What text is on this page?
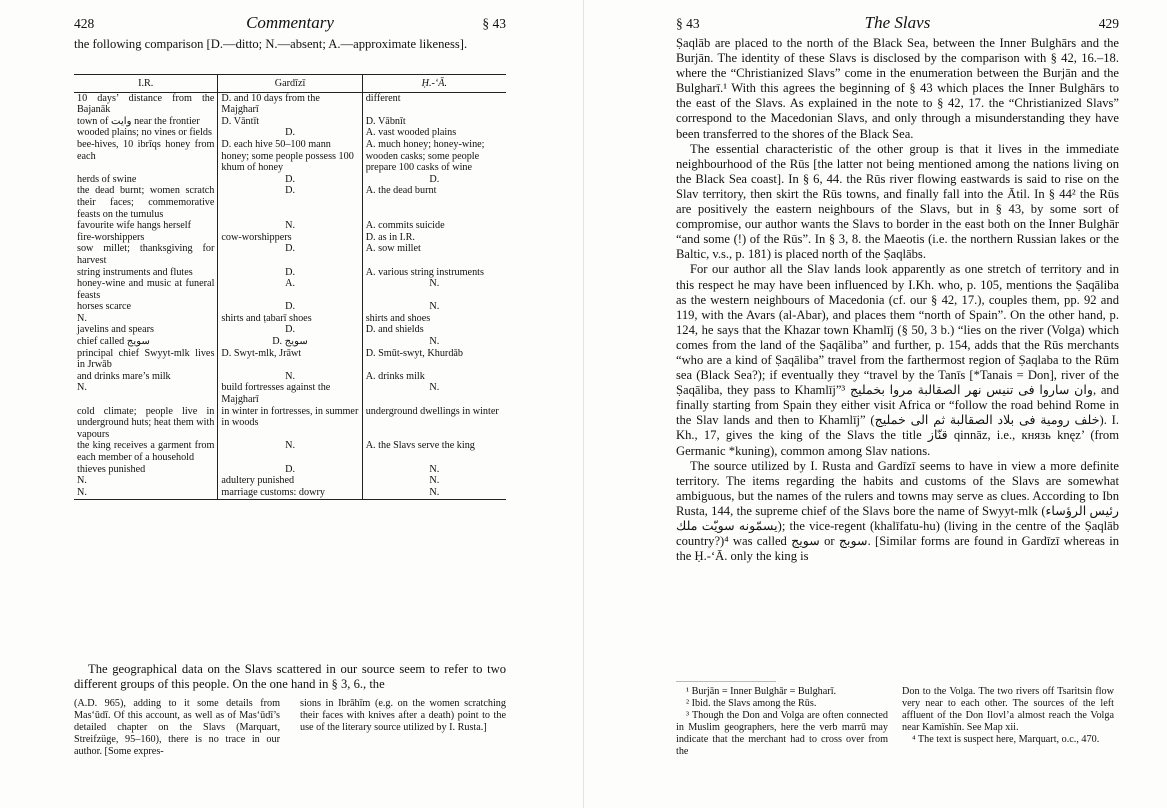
428	Commentary	§ 43
the following comparison [D.—ditto; N.—absent; A.—approximate likeness].
I.R.	Gardīzī	Ḥ.-‘Ā.
10 days’ distance from the Bajanāk	D. and 10 days from the Majgharī	different
town of وايت near the frontier	D. Vāntīt	D. Vābnīt
wooded plains; no vines or fields	D.	A. vast wooded plains
bee-hives, 10 ibrīqs honey from each	D. each hive 50–100 mann honey; some people possess 100 khum of honey	A. much honey; honey-wine; wooden casks; some people prepare 100 casks of wine
herds of swine	D.	D.
the dead burnt; women scratch their faces; commemorative feasts on the tumulus	D.	A. the dead burnt
favourite wife hangs herself	N.	A. commits suicide
fire-worshippers	cow-worshippers	D. as in I.R.
sow millet; thanksgiving for harvest	D.	A. sow millet
string instruments and flutes	D.	A. various string instruments
honey-wine and music at funeral feasts	A.	N.
horses scarce	D.	N.
N.	shirts and ṭabarī shoes	shirts and shoes
javelins and spears	D.	D. and shields
chief called سويج	D. سويج	N.
principal chief Swyyt-mlk lives in Jrwāb	D. Swyt-mlk, Jrāwt	D. Smūt-swyt, Khurdāb
and drinks mare’s milk	N.	A. drinks milk
N.	build fortresses against the Majgharī	N.
cold climate; people live in underground huts; heat them with vapours	in winter in fortresses, in summer in woods	underground dwellings in winter
the king receives a garment from each member of a household	N.	A. the Slavs serve the king
thieves punished	D.	N.
N.	adultery punished	N.
N.	marriage customs: dowry	N.

The geographical data on the Slavs scattered in our source seem to refer to two different groups of this people. On the one hand in § 3, 6., the

(A.D. 965), adding to it some details from Mas‘ūdī. Of this account, as well as of Mas‘ūdī’s detailed chapter on the Slavs (Marquart, Streifzüge, 95–160), there is no trace in our author. [Some expres-
sions in Ibrāhīm (e.g. on the women scratching their faces with knives after a death) point to the use of the literary source utilized by I. Rusta.]
§ 43	The Slavs	429

Ṣaqlāb are placed to the north of the Black Sea, between the Inner Bulghārs and the Burjān. The identity of these Slavs is disclosed by the comparison with § 42, 16.–18. where the “Christianized Slavs” come in the enumeration between the Burjān and the Bulgharī.¹ With this agrees the beginning of § 43 which places the Inner Bulghārs to the east of the Slavs. As explained in the note to § 42, 17. the “Christianized Slavs” correspond to the Macedonian Slavs, and only through a misunderstanding they have been transferred to the shores of the Black Sea.

The essential characteristic of the other group is that it lives in the immediate neighbourhood of the Rūs [the latter not being mentioned among the nations living on the Black Sea coast]. In § 6, 44. the Rūs river flowing eastwards is said to rise on the Slav territory, then skirt the Rūs towns, and finally fall into the Ātil. In § 44² the Rūs are positively the eastern neighbours of the Slavs, but in § 43, by some sort of compromise, our author wants the Slavs to border in the east both on the Inner Bulghār “and some (!) of the Rūs”. In § 3, 8. the Maeotis (i.e. the northern Russian lakes or the Baltic, v.s., p. 181) is placed north of the Ṣaqlābs.

For our author all the Slav lands look apparently as one stretch of territory and in this respect he may have been influenced by I.Kh. who, p. 105, mentions the Ṣaqāliba as the western neighbours of Macedonia (cf. our § 42, 17.), couples them, pp. 92 and 119, with the Avars (al-Abar), and places them “north of Spain”. On the other hand, p. 124, he says that the Khazar town Khamlīj (§ 50, 3 b.) “lies on the river (Volga) which comes from the land of the Ṣaqāliba” and further, p. 154, adds that the Rūs merchants “who are a kind of Ṣaqāliba” travel from the farthermost region of Ṣaqlaba to the Rūm sea (Black Sea?); if eventually they “travel by the Tanīs [*Tanais = Don], river of the Ṣaqāliba, they pass to Khamlīj”³ وان ساروا فى تنيس نهر الصقالبة مروا بخمليج, and finally starting from Spain they either visit Africa or “follow the road behind Rome in the Slav lands and then to Khamlīj” (خلف رومية فى بلاد الصقالبة ثم الى خمليج). I. Kh., 17, gives the king of the Slavs the title قنّاز qinnāz, i.e., князь knęz’ (from Germanic *kuning), common among Slav nations.

The source utilized by I. Rusta and Gardīzī seems to have in view a more definite territory. The items regarding the habits and customs of the Slavs are somewhat ambiguous, but the names of the rulers and towns may serve as clues. According to Ibn Rusta, 144, the supreme chief of the Slavs bore the name of Swyyt-mlk (رئيس الرؤساء يسمّونه سويّت ملك); the vice-regent (khalīfatu-hu) (living in the centre of the Ṣaqlāb country?)⁴ was called سويج or سوبج. [Similar forms are found in Gardīzī whereas in the Ḥ.-‘Ā. only the king is

¹ Burjān = Inner Bulghār = Bulgharī.

² Ibid. the Slavs among the Rūs.

³ Though the Don and Volga are often connected in Muslim geographers, here the verb marrū may indicate that the merchant had to cross over from the

Don to the Volga. The two rivers off Tsaritsin flow very near to each other. The sources of the left affluent of the Don Ilovl’a almost reach the Volga near Kamïshïn. See Map xii.

⁴ The text is suspect here, Marquart, o.c., 470.
